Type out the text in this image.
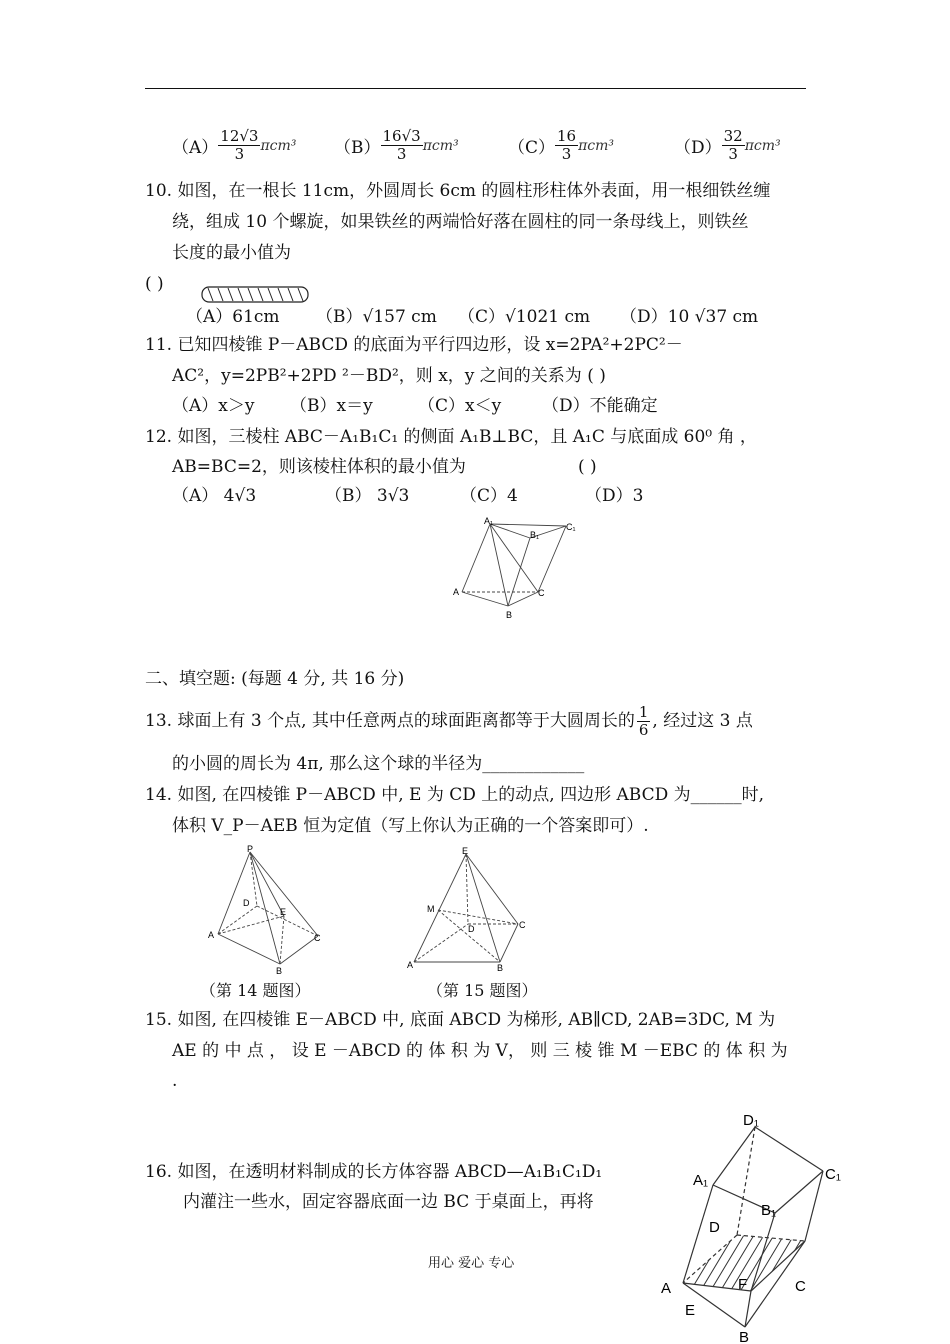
$(A) \frac{12√3}{3} \pi cm^3$	$(B) \frac{16√3}{3} \pi cm^3$	$(C) \frac{16}{3} \pi cm^3$	$(D) \frac{32}{3} \pi cm^3$
10. 如图，在一根长 11cm，外圆周长 6cm 的圆柱形柱体外表面，用一根细铁丝缠
绕，组成 10 个螺旋，如果铁丝的两端恰好落在圆柱的同一条母线上，则铁丝
长度的最小值为
( )
（A）61cm （B）√157 cm （C）√1021 cm （D）10 √37 cm
11. 已知四棱锥 P－ABCD 的底面为平行四边形，设 x=2PA²+2PC²－
AC²，y=2PB²+2PD ²－BD²，则 x，y 之间的关系为 ( )
（A）x＞y （B）x＝y	（C）x＜y （D）不能确定
12. 如图，三棱柱 ABC－A₁B₁C₁ 的侧面 A₁B⊥BC，且 A₁C 与底面成 60⁰ 角 ，
AB=BC=2，则该棱柱体积的最小值为	( )
（A） 4√3	（B） 3√3	（C）4	（D）3
A₁
B₁
C₁
A
B
C
二、填空题: (每题 4 分, 共 16 分)
13. 球面上有 3 个点, 其中任意两点的球面距离都等于大圆周长的 $\frac{1}{6}$ , 经过这 3 点
的小圆的周长为 4π, 那么这个球的半径为____________
14. 如图, 在四棱锥 P－ABCD 中, E 为 CD 上的动点, 四边形 ABCD 为______时,
体积 V_P－AEB 恒为定值（写上你认为正确的一个答案即可）.
P
D
E
A	C
B
E
M
D	C
A	B
（第 14 题图）	（第 15 题图）
15. 如图, 在四棱锥 E－ABCD 中, 底面 ABCD 为梯形, AB∥CD, 2AB=3DC, M 为
AE 的 中 点 ， 设 E －ABCD 的 体 积 为 V， 则 三 棱 锥 M －EBC 的 体 积 为
.
16. 如图，在透明材料制成的长方体容器 ABCD—A₁B₁C₁D₁
内灌注一些水，固定容器底面一边 BC 于桌面上，再将
D₁
A₁	C₁
B₁
D
A	F	C
E
B
用心 爱心 专心
